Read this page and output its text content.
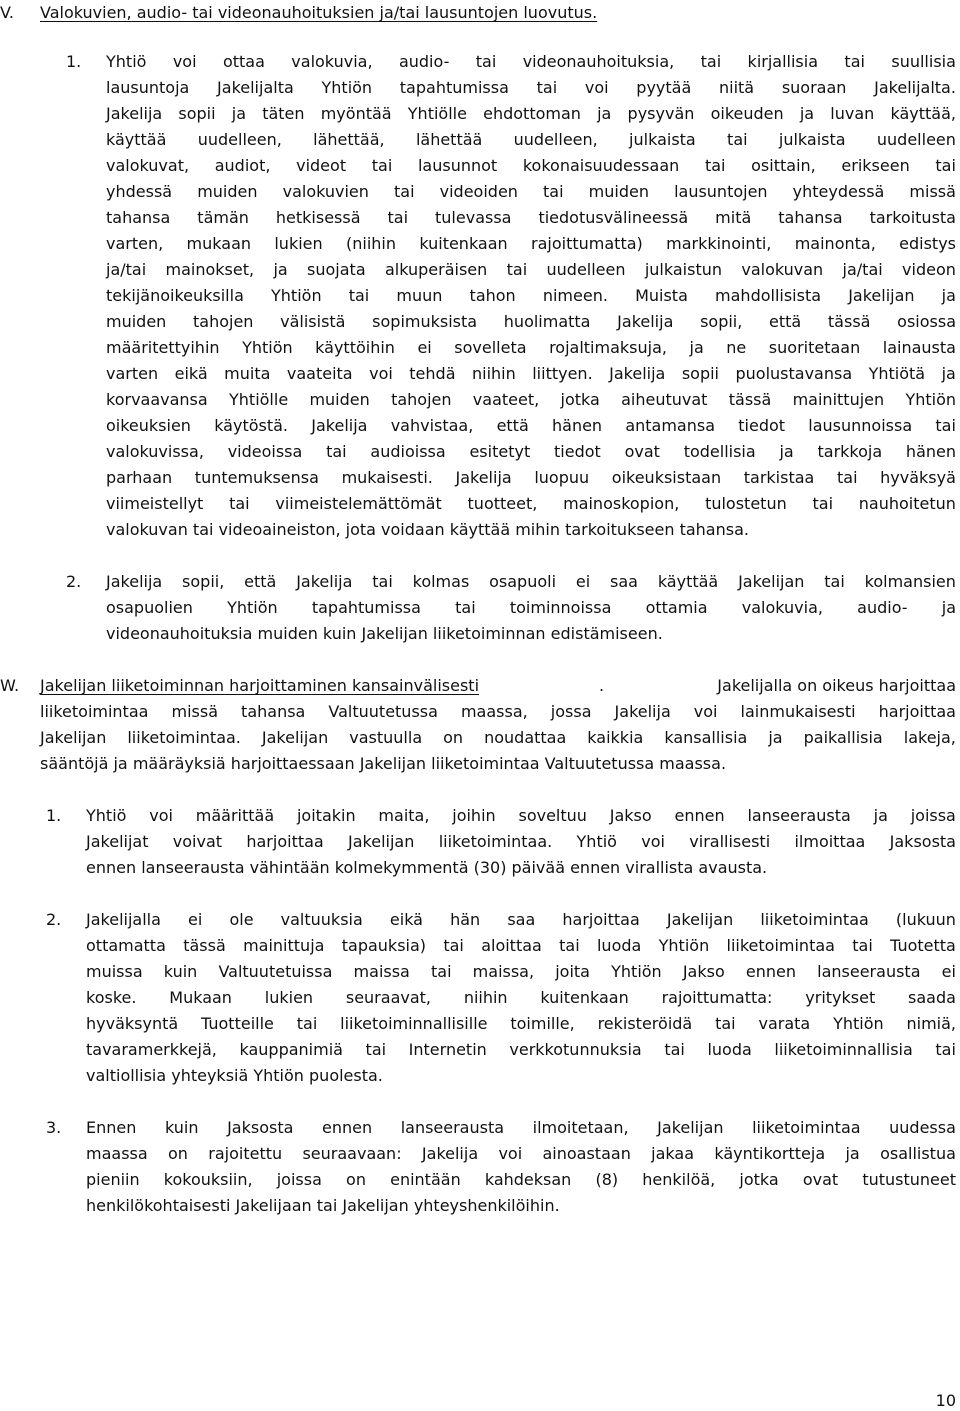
V. Valokuvien, audio- tai videonauhoituksien ja/tai lausuntojen luovutus.
1. Yhtiö voi ottaa valokuvia, audio- tai videonauhoituksia, tai kirjallisia tai suullisia
lausuntoja Jakelijalta Yhtiön tapahtumissa tai voi pyytää niitä suoraan Jakelijalta.
Jakelija sopii ja täten myöntää Yhtiölle ehdottoman ja pysyvän oikeuden ja luvan käyttää,
käyttää uudelleen, lähettää, lähettää uudelleen, julkaista tai julkaista uudelleen
valokuvat, audiot, videot tai lausunnot kokonaisuudessaan tai osittain, erikseen tai
yhdessä muiden valokuvien tai videoiden tai muiden lausuntojen yhteydessä missä
tahansa tämän hetkisessä tai tulevassa tiedotusvälineessä mitä tahansa tarkoitusta
varten, mukaan lukien (niihin kuitenkaan rajoittumatta) markkinointi, mainonta, edistys
ja/tai mainokset, ja suojata alkuperäisen tai uudelleen julkaistun valokuvan ja/tai videon
tekijänoikeuksilla Yhtiön tai muun tahon nimeen. Muista mahdollisista Jakelijan ja
muiden tahojen välisistä sopimuksista huolimatta Jakelija sopii, että tässä osiossa
määritettyihin Yhtiön käyttöihin ei sovelleta rojaltimaksuja, ja ne suoritetaan lainausta
varten eikä muita vaateita voi tehdä niihin liittyen. Jakelija sopii puolustavansa Yhtiötä ja
korvaavansa Yhtiölle muiden tahojen vaateet, jotka aiheutuvat tässä mainittujen Yhtiön
oikeuksien käytöstä. Jakelija vahvistaa, että hänen antamansa tiedot lausunnoissa tai
valokuvissa, videoissa tai audioissa esitetyt tiedot ovat todellisia ja tarkkoja hänen
parhaan tuntemuksensa mukaisesti. Jakelija luopuu oikeuksistaan tarkistaa tai hyväksyä
viimeistellyt tai viimeistelemättömät tuotteet, mainoskopion, tulostetun tai nauhoitetun
valokuvan tai videoaineiston, jota voidaan käyttää mihin tarkoitukseen tahansa.
2. Jakelija sopii, että Jakelija tai kolmas osapuoli ei saa käyttää Jakelijan tai kolmansien
osapuolien Yhtiön tapahtumissa tai toiminnoissa ottamia valokuvia, audio- ja
videonauhoituksia muiden kuin Jakelijan liiketoiminnan edistämiseen.
W. Jakelijan liiketoiminnan harjoittaminen kansainvälisesti	.	Jakelijalla on oikeus harjoittaa
liiketoimintaa missä tahansa Valtuutetussa maassa, jossa Jakelija voi lainmukaisesti harjoittaa
Jakelijan liiketoimintaa. Jakelijan vastuulla on noudattaa kaikkia kansallisia ja paikallisia lakeja,
sääntöjä ja määräyksiä harjoittaessaan Jakelijan liiketoimintaa Valtuutetussa maassa.
1. Yhtiö voi määrittää joitakin maita, joihin soveltuu Jakso ennen lanseerausta ja joissa
Jakelijat voivat harjoittaa Jakelijan liiketoimintaa. Yhtiö voi virallisesti ilmoittaa Jaksosta
ennen lanseerausta vähintään kolmekymmentä (30) päivää ennen virallista avausta.
2. Jakelijalla ei ole valtuuksia eikä hän saa harjoittaa Jakelijan liiketoimintaa (lukuun
ottamatta tässä mainittuja tapauksia) tai aloittaa tai luoda Yhtiön liiketoimintaa tai Tuotetta
muissa kuin Valtuutetuissa maissa tai maissa, joita Yhtiön Jakso ennen lanseerausta ei
koske. Mukaan lukien seuraavat, niihin kuitenkaan rajoittumatta: yritykset saada
hyväksyntä Tuotteille tai liiketoiminnallisille toimille, rekisteröidä tai varata Yhtiön nimiä,
tavaramerkkejä, kauppanimiä tai Internetin verkkotunnuksia tai luoda liiketoiminnallisia tai
valtiollisia yhteyksiä Yhtiön puolesta.
3. Ennen kuin Jaksosta ennen lanseerausta ilmoitetaan, Jakelijan liiketoimintaa uudessa
maassa on rajoitettu seuraavaan: Jakelija voi ainoastaan jakaa käyntikortteja ja osallistua
pieniin kokouksiin, joissa on enintään kahdeksan (8) henkilöä, jotka ovat tutustuneet
henkilökohtaisesti Jakelijaan tai Jakelijan yhteyshenkilöihin.
10
